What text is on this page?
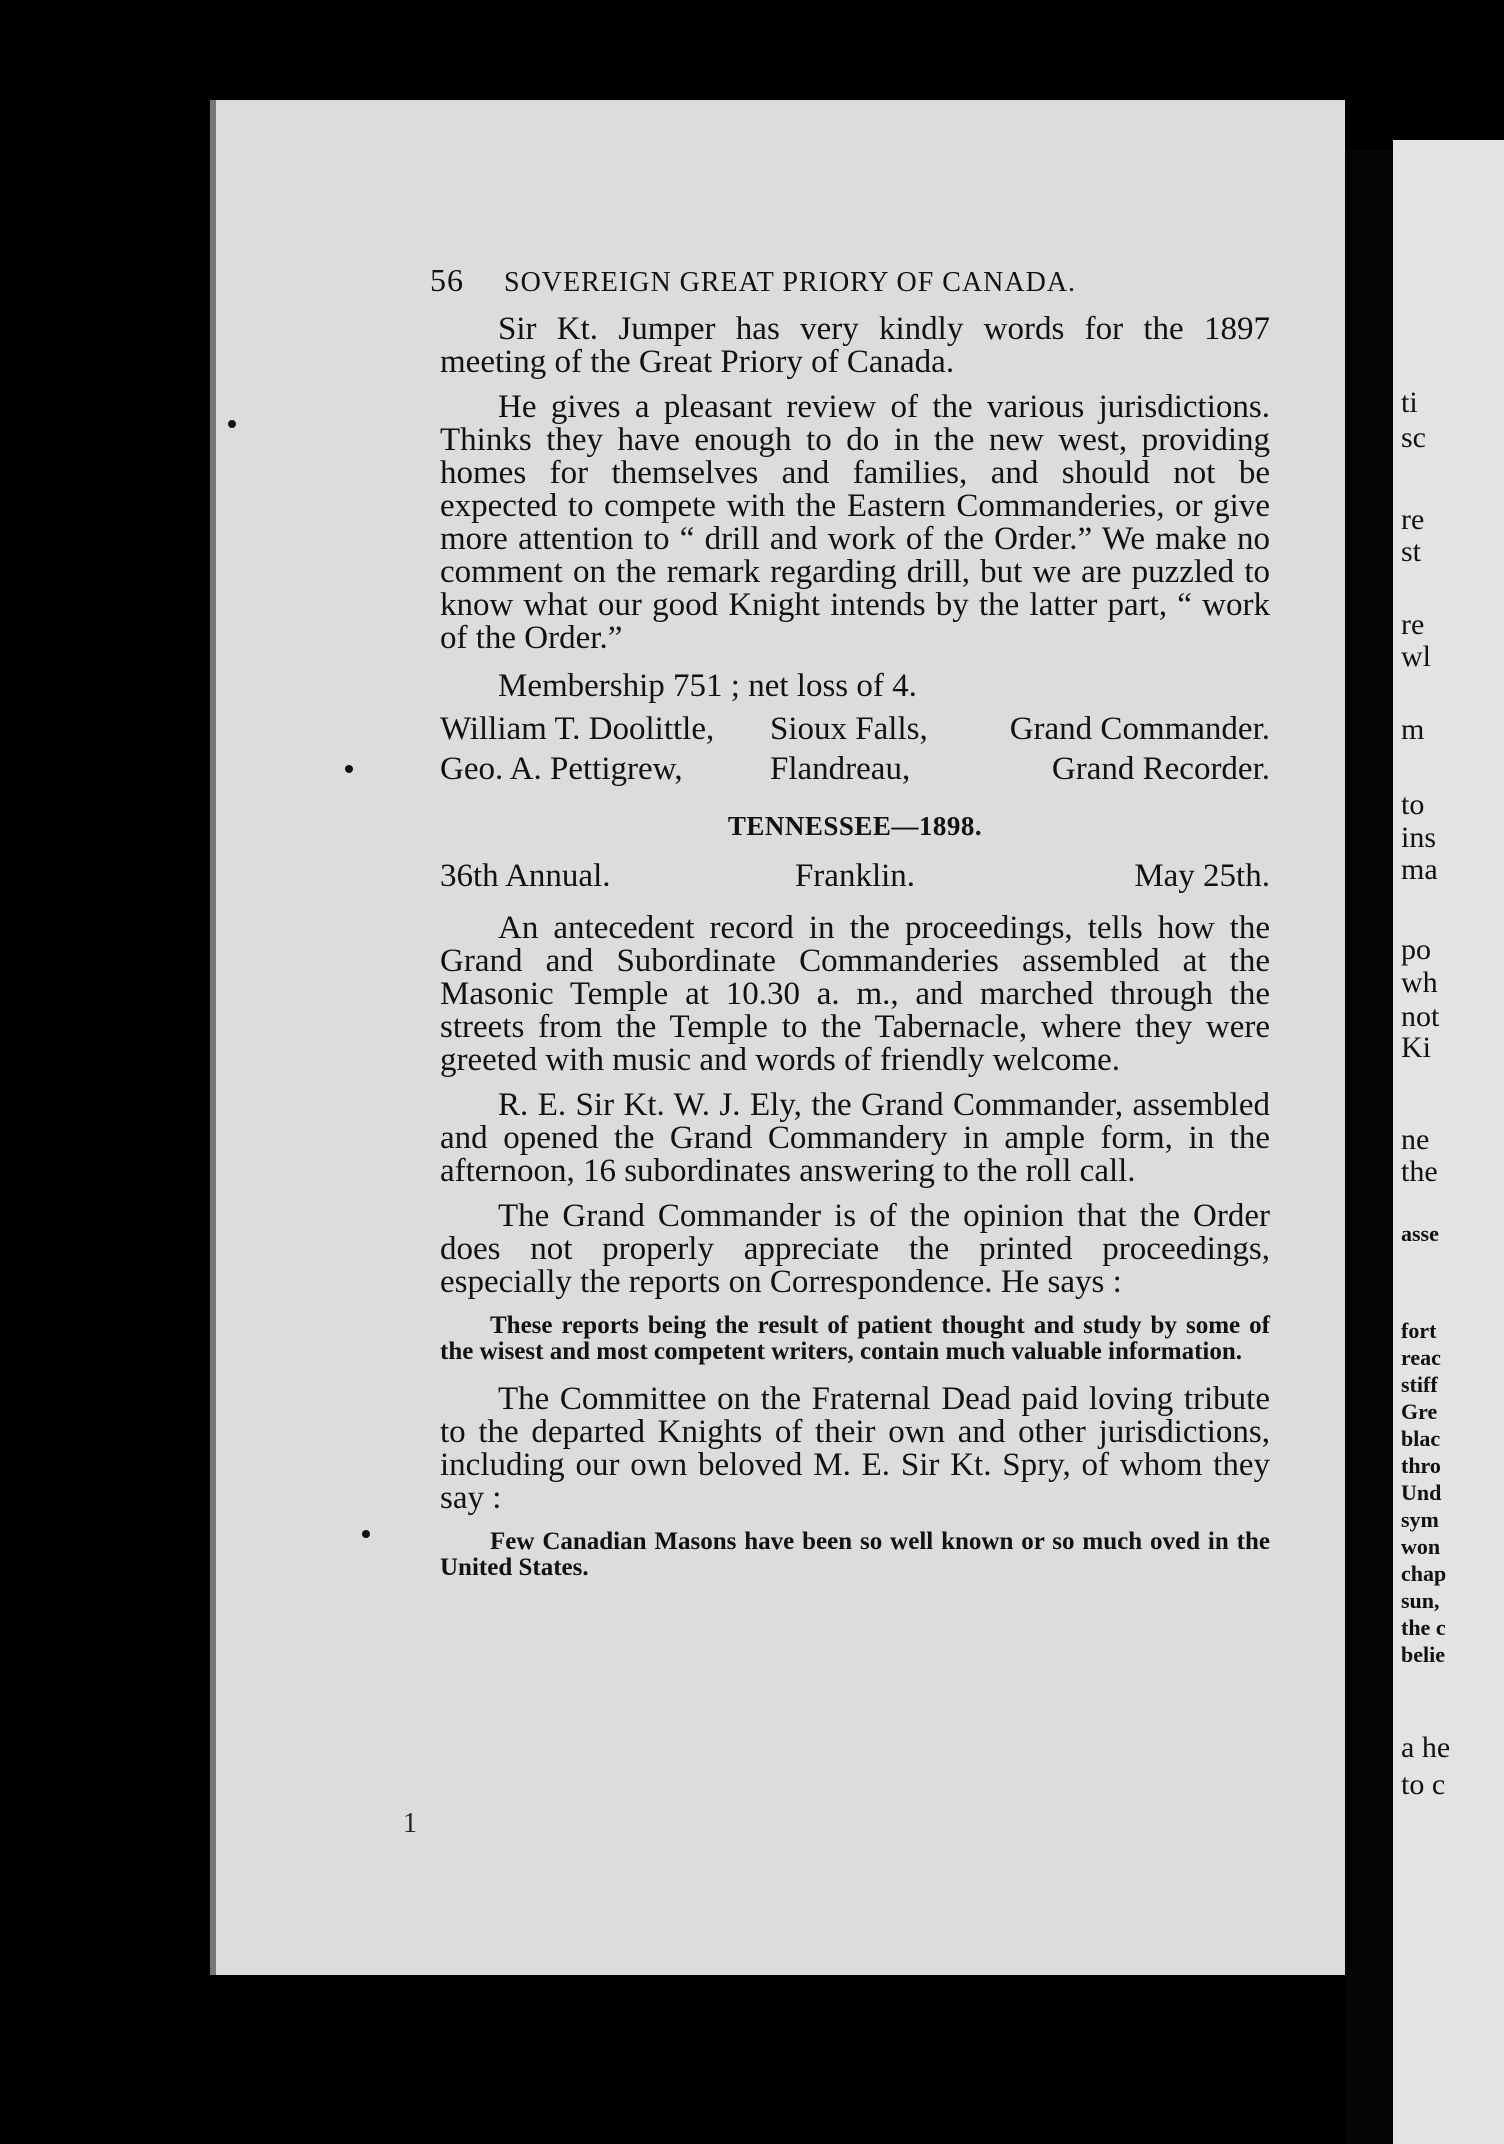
ti
sc
re
st
re
wl
m
to
ins
ma
po
wh
not
Ki
ne
the
asse
fort
reac
stiff
Gre
blac
thro
Und
sym
won
chap
sun,
the c
belie
a he
to c
56 SOVEREIGN GREAT PRIORY OF CANADA.

Sir Kt. Jumper has very kindly words for the 1897 meeting of the Great Priory of Canada.

He gives a pleasant review of the various jurisdictions. Thinks they have enough to do in the new west, providing homes for themselves and families, and should not be expected to compete with the Eastern Commanderies, or give more attention to “ drill and work of the Order.” We make no comment on the remark regarding drill, but we are puzzled to know what our good Knight intends by the latter part, “ work of the Order.”

Membership 751 ; net loss of 4.
William T. Doolittle,	Sioux Falls,	Grand Commander.
Geo. A. Pettigrew,	Flandreau,	Grand Recorder.
TENNESSEE—1898.
36th Annual.	Franklin.	May 25th.

An antecedent record in the proceedings, tells how the Grand and Subordinate Commanderies assembled at the Masonic Temple at 10.30 a. m., and marched through the streets from the Temple to the Tabernacle, where they were greeted with music and words of friendly welcome.

R. E. Sir Kt. W. J. Ely, the Grand Commander, assembled and opened the Grand Commandery in ample form, in the afternoon, 16 subordinates answering to the roll call.

The Grand Commander is of the opinion that the Order does not properly appreciate the printed proceedings, especially the reports on Correspondence. He says :

These reports being the result of patient thought and study by some of the wisest and most competent writers, contain much valuable information.

The Committee on the Fraternal Dead paid loving tribute to the departed Knights of their own and other jurisdictions, including our own beloved M. E. Sir Kt. Spry, of whom they say :

Few Canadian Masons have been so well known or so much oved in the United States.

1
